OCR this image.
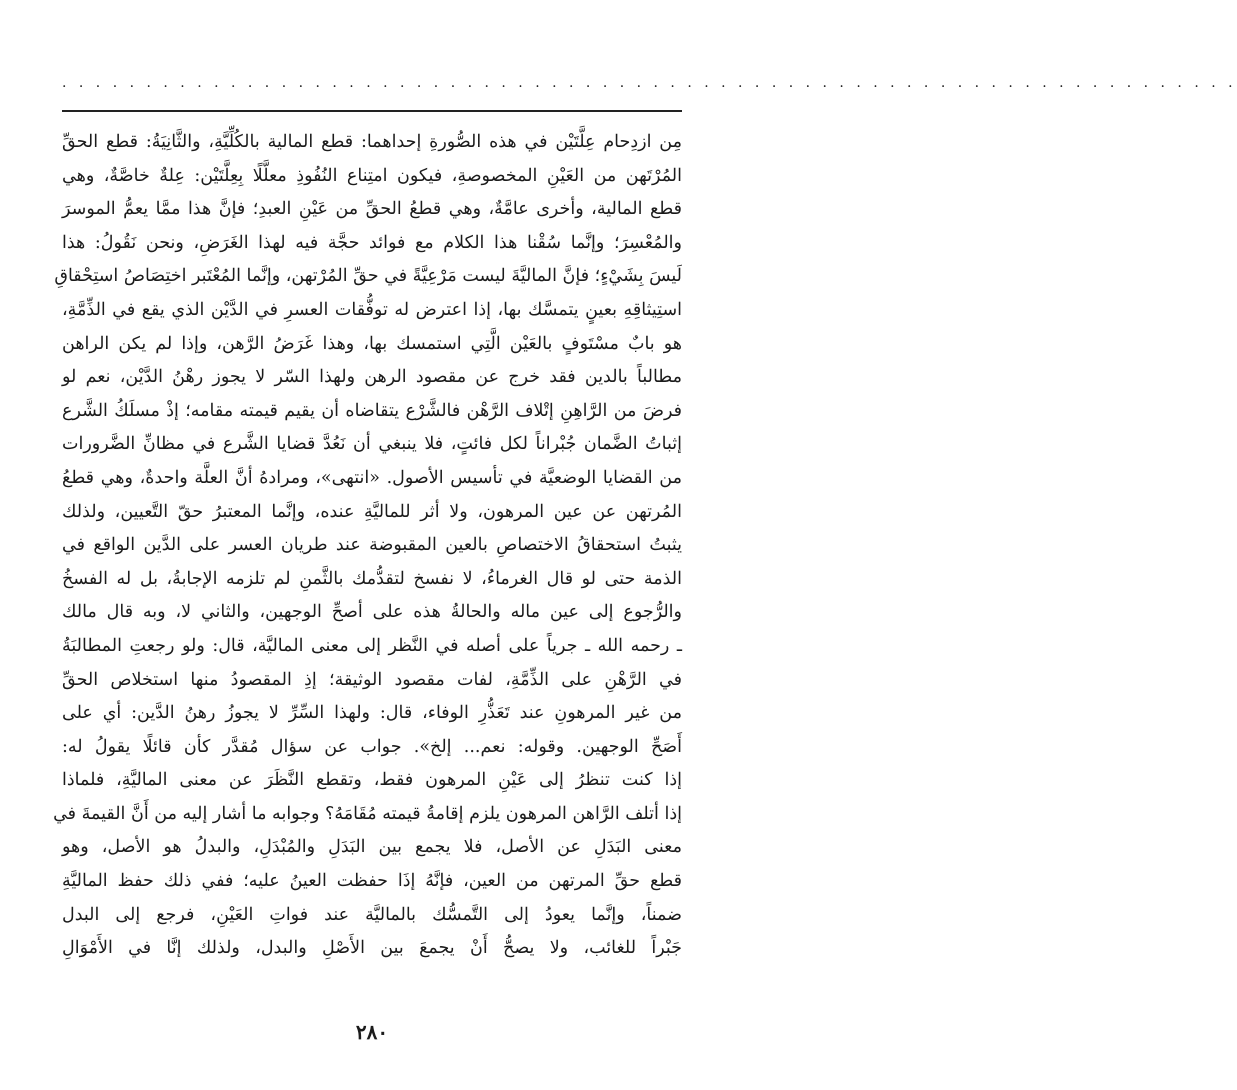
· · · · · · · · · · · · · · · · · · · · · · · · · · · · · · · · · · · · · · · · · · · · · · · · · · · · · · · · · · · · · · · · · · · · · ·
مِن ازدِحام عِلَّتَيْن في هذه الصُّورةِ إحداهما: قطع المالية بالكُلِّيَّةِ، والثَّانِيَةُ: قطع الحقِّ
المُرْتَهن من العَيْنِ المخصوصةِ، فيكون امتِناع النُفُوذِ معلَّلًا بِعِلَّتَيْن: عِلةٌ خاصَّةٌ، وهي
قطع المالية، وأخرى عامَّةٌ، وهي قطعُ الحقِّ من عَيْنِ العبدِ؛ فإنَّ هذا ممَّا يعمُّ الموسرَ
والمُعْسِرَ؛ وإنَّما سُقْنا هذا الكلام مع فوائد حجَّة فيه لهذا الغَرَضِ، ونحن نَقُولُ: هذا
لَيسَ بِشَيْءٍ؛ فإنَّ الماليَّةَ ليست مَرْعِيَّةً في حقِّ المُرْتهن، وإنَّما المُعْتَبر اختِصَاصُ استِحْقاقِ
استِيثاقِهِ بعينٍ يتمسَّك بها، إذا اعترض له توفُّقات العسرِ في الدَّيْن الذي يقع في الذِّمَّةِ،
هو بابٌ مسْتَوفٍ بالعَيْن الَّتِي استمسك بها، وهذا غَرَضُ الرَّهن، وإذا لم يكن الراهن
مطالباً بالدين فقد خرج عن مقصود الرهن ولهذا السّر لا يجوز رهْنُ الدَّيْن، نعم لو
فرضَ من الرَّاهِنِ إتْلاف الرَّهْن فالشَّرْع يتقاضاه أن يقيم قيمته مقامه؛ إذْ مسلَكُ الشَّرع
إثباتُ الضَّمان جُبْراناً لكل فائتٍ، فلا ينبغي أن نَعُدَّ قضايا الشَّرع في مظانِّ الضَّرورات
من القضايا الوضعيَّة في تأسيس الأصول. «انتهى»، ومرادهُ أنَّ العلَّة واحدةٌ، وهي قطعُ
المُرتهن عن عين المرهون، ولا أثر للماليَّةِ عنده، وإنَّما المعتبرُ حقّ التَّعيين، ولذلك
يثبتُ استحقاقُ الاختصاصِ بالعين المقبوضة عند طريان العسر على الدَّين الواقع في
الذمة حتى لو قال الغرماءُ، لا نفسخ لتقدُّمك بالثَّمنِ لم تلزمه الإجابةُ، بل له الفسخُ
والرُّجوع إلى عين ماله والحالةُ هذه على أصحِّ الوجهين، والثاني لا، وبه قال مالك
ـ رحمه الله ـ جرياً على أصله في النَّظر إلى معنى الماليَّة، قال: ولو رجعتِ المطالبَةُ
في الرَّهْنِ على الذِّمَّةِ، لفات مقصود الوثيقة؛ إذِ المقصودُ منها استخلاص الحقِّ
من غير المرهونِ عند تَعَذُّرِ الوفاء، قال: ولهذا السِّرِّ لا يجوزُ رهنُ الدَّين: أي على
أَصَحِّ الوجهين. وقوله: نعم... إلخ». جواب عن سؤال مُقدَّر كأن قائلًا يقولُ له:
إذا كنت تنظرُ إلى عَيْنِ المرهون فقط، وتقطع النَّظَرَ عن معنى الماليَّةِ، فلماذا
إذا أتلف الرَّاهن المرهون يلزم إقامةُ قيمته مُقَامَهُ؟ وجوابه ما أشار إليه من أَنَّ القيمةَ في
معنى البَدَلِ عن الأصل، فلا يجمع بين البَدَلِ والمُبْدَلِ، والبدلُ هو الأصل، وهو
قطع حقِّ المرتهن من العين، فإنَّهُ إذَا حفظت العينُ عليه؛ ففي ذلك حفظ الماليَّةِ
ضمناً، وإنَّما يعودُ إلى التَّمسُّك بالماليَّة عند فواتِ العَيْنِ، فرجع إلى البدل
جَبْراً للغائب، ولا يصحُّ أَنْ يجمعَ بين الأَصْلِ والبدل، ولذلك إنَّا في الأَمْوَالِ
٢٨٠
